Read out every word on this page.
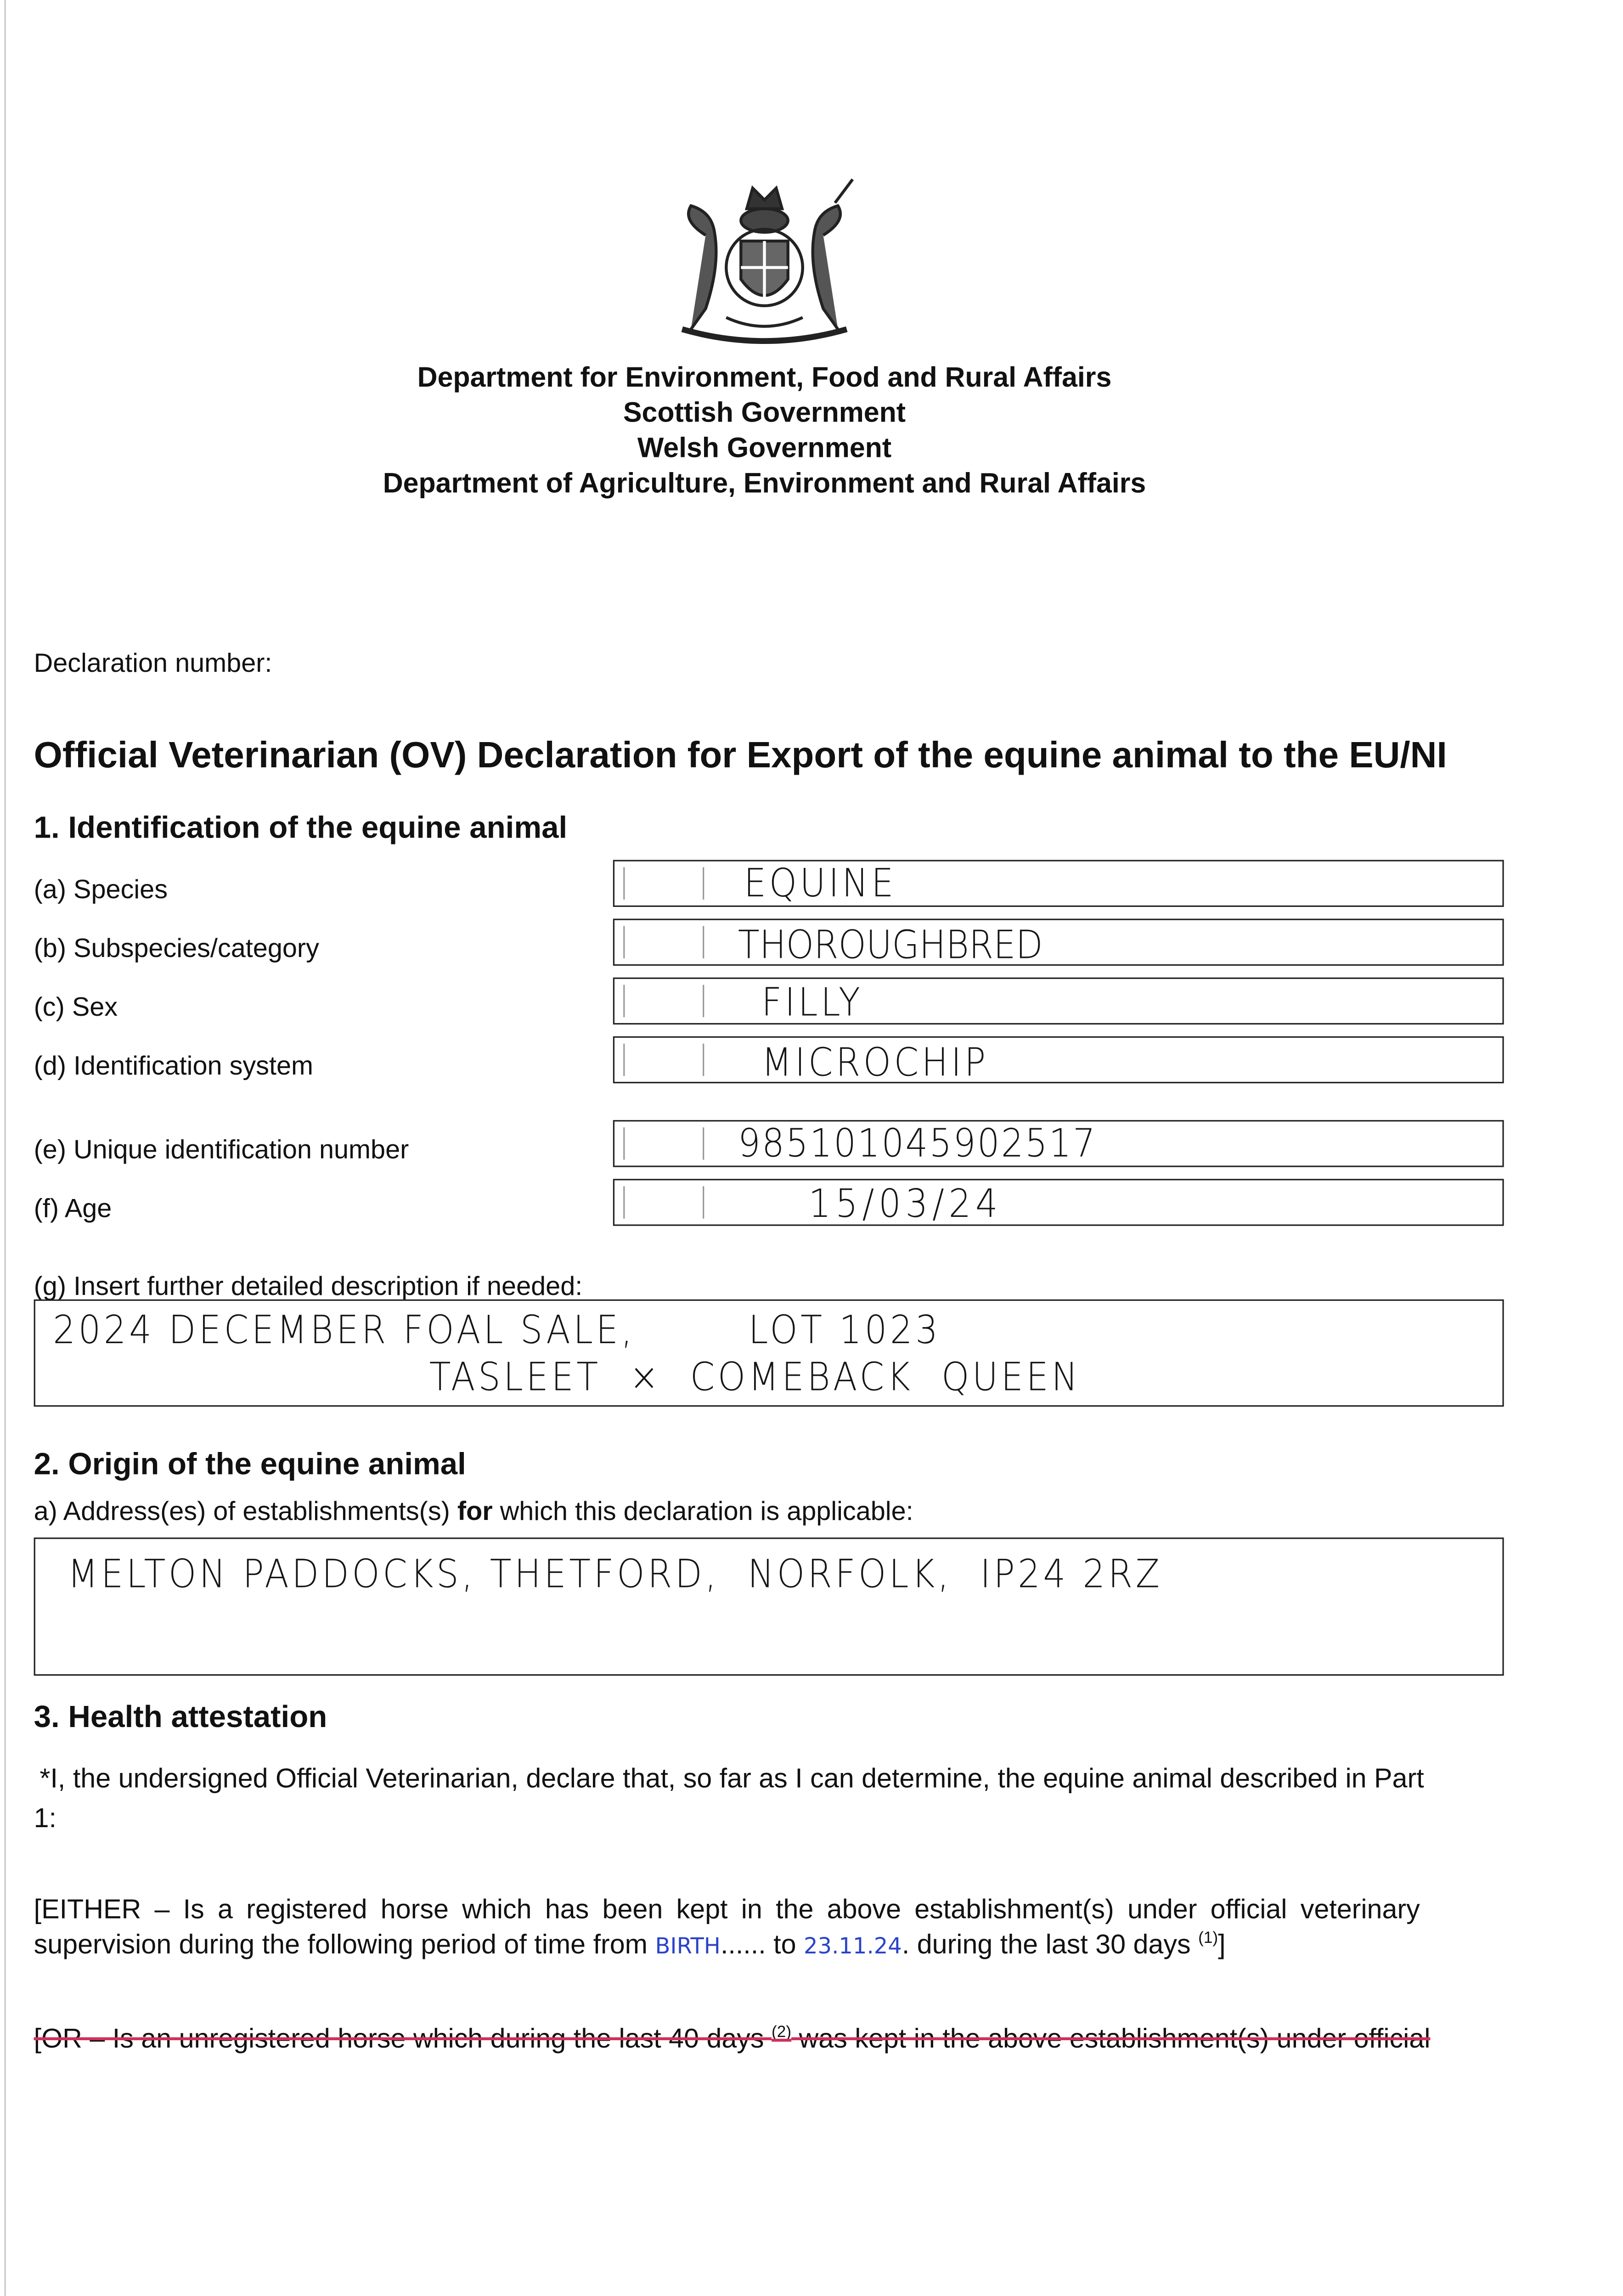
Department for Environment, Food and Rural Affairs
Scottish Government
Welsh Government
Department of Agriculture, Environment and Rural Affairs
Declaration number:
Official Veterinarian (OV) Declaration for Export of the equine animal to the EU/NI
1. Identification of the equine animal
(a) Species	EQUINE
(b) Subspecies/category	THOROUGHBRED
(c) Sex	FILLY
(d) Identification system	MICROCHIP
(e) Unique identification number	985101045902517
(f) Age	15/03/24
(g) Insert further detailed description if needed:
2024 DECEMBER FOAL SALE,        LOT 1023
TASLEET  ×  COMEBACK  QUEEN
2. Origin of the equine animal
a) Address(es) of establishments(s) for which this declaration is applicable:
MELTON PADDOCKS, THETFORD,  NORFOLK,  IP24 2RZ
3. Health attestation
*I, the undersigned Official Veterinarian, declare that, so far as I can determine, the equine animal described in Part
1:
[EITHER – Is a registered horse which has been kept in the above establishment(s) under official veterinary
supervision during the following period of time from BIRTH...... to 23.11.24. during the last 30 days $^{(1)}$]
[OR – Is an unregistered horse which during the last 40 days $^{(2)}$ was kept in the above establishment(s) under official
